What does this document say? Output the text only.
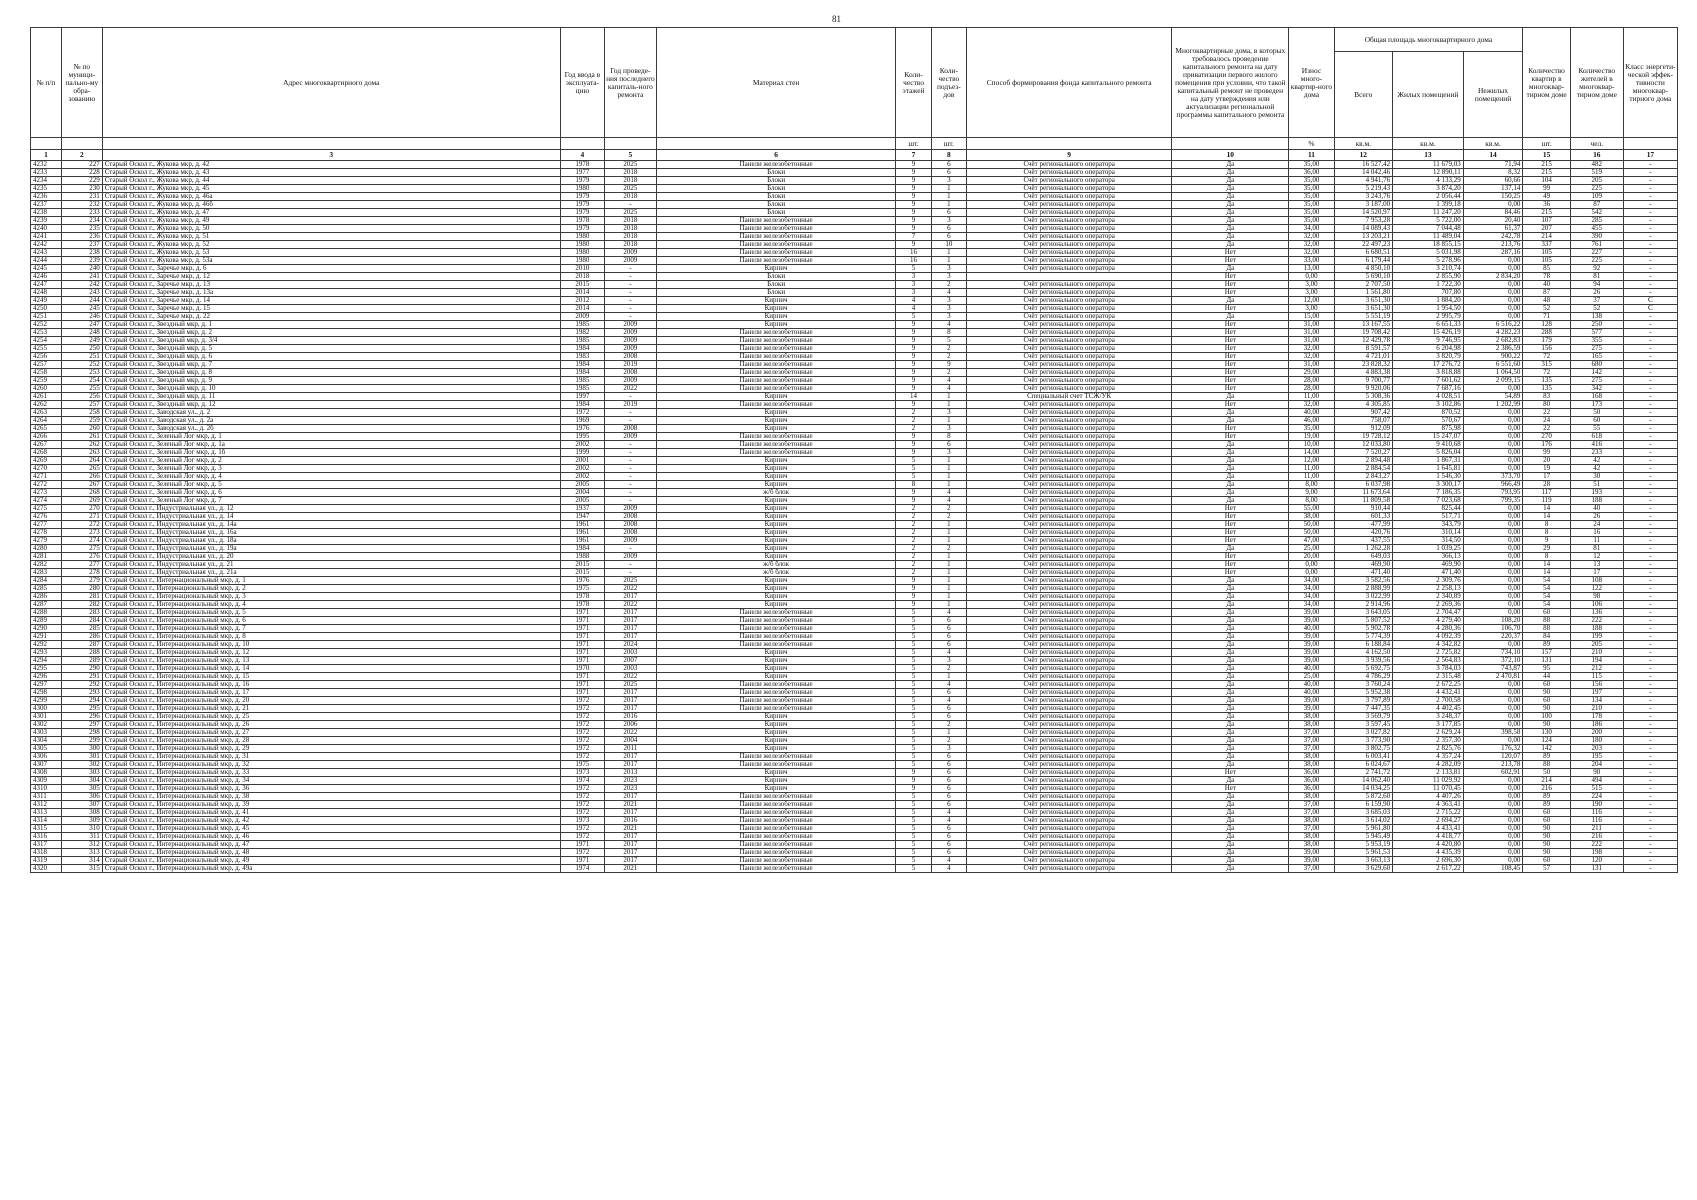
81
№ п/п	№ по муници-пально-му обра-зованию	Адрес многоквартирного дома	Год ввода в эксплуата-цию	Год проведе-ния последнего капиталь-ного ремонта	Материал стен	Коли-чество этажей	Коли-чество подъез-дов	Способ формирования фонда капитального ремонта	Многоквартирные дома, в которых требовалось проведение капитального ремонта на дату приватизации первого жилого помещения при условии, что такой капитальный ремонт не проведен на дату утверждения или актуализации региональной программы капитального ремонта	Износ много-квартир-ного дома	Общая площадь многоквартирного дома			Количество квартир в многоквар-тирном доме	Количество жителей в многоквар-тирном доме	Класс энергети-ческой эффек-тивности многоквар-тирного дома
											Всего	Жилых помещений	Нежилых помещений			
						шт.	шт.			%	кв.м.	кв.м.	кв.м.	шт.	чел.	
1	2	3	4	5	6	7	8	9	10	11	12	13	14	15	16	17
4232	227	Старый Оскол г., Жукова мкр, д. 42	1978	2025	Панели железобетонные	9	6	Счёт регионального оператора	Да	35,00	16 527,42	11 679,03	71,94	215	482	-
4233	228	Старый Оскол г., Жукова мкр, д. 43	1977	2018	Блоки	9	6	Счёт регионального оператора	Да	36,00	14 042,46	12 890,11	8,32	215	519	-
4234	229	Старый Оскол г., Жукова мкр, д. 44	1979	2018	Блоки	9	3	Счёт регионального оператора	Да	35,00	4 941,76	4 133,29	60,66	104	205	-
4235	230	Старый Оскол г., Жукова мкр, д. 45	1980	2025	Блоки	9	1	Счёт регионального оператора	Да	35,00	5 219,43	3 874,20	137,14	99	225	-
4236	231	Старый Оскол г., Жукова мкр, д. 46а	1979	2018	Блоки	9	1	Счёт регионального оператора	Да	35,00	3 243,76	2 056,44	150,25	49	109	-
4237	232	Старый Оскол г., Жукова мкр, д. 46б	1979	-	Блоки	9	1	Счёт регионального оператора	Да	35,00	3 187,00	1 399,18	0,00	36	87	-
4238	233	Старый Оскол г., Жукова мкр, д. 47	1979	2025	Блоки	9	6	Счёт регионального оператора	Да	35,00	14 520,97	11 247,20	84,46	215	542	-
4239	234	Старый Оскол г., Жукова мкр, д. 49	1978	2018	Панели железобетонные	9	3	Счёт регионального оператора	Да	35,00	7 953,28	5 722,00	20,40	107	285	-
4240	235	Старый Оскол г., Жукова мкр, д. 50	1979	2018	Панели железобетонные	9	6	Счёт регионального оператора	Да	34,00	14 089,43	7 044,48	61,37	207	455	-
4241	236	Старый Оскол г., Жукова мкр, д. 51	1980	2018	Панели железобетонные	7	6	Счёт регионального оператора	Да	32,00	13 203,21	11 489,04	242,78	214	390	-
4242	237	Старый Оскол г., Жукова мкр, д. 52	1980	2018	Панели железобетонные	9	10	Счёт регионального оператора	Да	32,00	22 497,23	18 855,15	213,76	337	761	-
4243	238	Старый Оскол г., Жукова мкр, д. 53	1980	2009	Панели железобетонные	16	1	Счёт регионального оператора	Нет	32,00	6 680,51	5 031,98	287,16	105	227	-
4244	239	Старый Оскол г., Жукова мкр, д. 53а	1980	2009	Панели железобетонные	16	1	Счёт регионального оператора	Нет	33,00	6 179,44	5 278,96	0,00	105	225	-
4245	240	Старый Оскол г., Заречье мкр, д. 6	2010	-	Кирпич	5	3	Счёт регионального оператора	Да	13,00	4 850,10	3 210,74	0,00	85	92	-
4246	241	Старый Оскол г., Заречье мкр, д. 12	2018	-	Блоки	3	3		Нет	0,00	5 690,10	2 855,90	2 834,20	78	81	-
4247	242	Старый Оскол г., Заречье мкр, д. 13	2015	-	Блоки	3	2	Счёт регионального оператора	Нет	3,00	2 707,50	1 722,30	0,00	40	94	-
4248	243	Старый Оскол г., Заречье мкр, д. 13а	2014	-	Блоки	3	4	Счёт регионального оператора	Нет	3,00	1 561,80	707,80	0,00	87	26	-
4249	244	Старый Оскол г., Заречье мкр, д. 14	2012	-	Кирпич	4	3	Счёт регионального оператора	Да	12,00	3 651,30	1 884,20	0,00	48	37	С
4250	245	Старый Оскол г., Заречье мкр, д. 15	2014	-	Кирпич	4	3	Счёт регионального оператора	Нет	3,00	3 651,30	1 954,50	0,00	52	52	С
4251	246	Старый Оскол г., Заречье мкр, д. 22	2009	-	Кирпич	5	3	Счёт регионального оператора	Да	15,00	5 551,19	2 995,79	0,00	71	138	-
4252	247	Старый Оскол г., Звездный мкр, д. 1	1985	2009	Кирпич	9	4	Счёт регионального оператора	Нет	31,00	13 167,55	6 651,33	6 516,22	128	250	-
4253	248	Старый Оскол г., Звездный мкр, д. 2	1982	2009	Панели железобетонные	9	8	Счёт регионального оператора	Нет	31,00	19 708,42	15 426,19	4 282,23	288	577	-
4254	249	Старый Оскол г., Звездный мкр, д. 3/4	1985	2009	Панели железобетонные	9	5	Счёт регионального оператора	Нет	31,00	12 429,78	9 746,95	2 682,83	179	355	-
4255	250	Старый Оскол г., Звездный мкр, д. 5	1984	2009	Панели железобетонные	9	2	Счёт регионального оператора	Нет	32,00	8 591,57	6 204,98	2 386,59	156	275	-
4256	251	Старый Оскол г., Звездный мкр, д. 6	1983	2008	Панели железобетонные	9	2	Счёт регионального оператора	Нет	32,00	4 721,01	3 820,79	900,22	72	165	-
4257	252	Старый Оскол г., Звездный мкр, д. 7	1984	2019	Панели железобетонные	9	9	Счёт регионального оператора	Нет	31,00	23 828,32	17 276,72	6 551,60	315	680	-
4258	253	Старый Оскол г., Звездный мкр, д. 8	1984	2008	Панели железобетонные	9	2	Счёт регионального оператора	Нет	29,00	4 883,38	3 818,88	1 064,50	72	142	-
4259	254	Старый Оскол г., Звездный мкр, д. 9	1985	2009	Панели железобетонные	9	4	Счёт регионального оператора	Нет	28,00	9 700,77	7 601,62	2 099,15	135	275	-
4260	255	Старый Оскол г., Звездный мкр, д. 10	1985	2022	Панели железобетонные	9	4	Счёт регионального оператора	Нет	28,00	9 920,06	7 687,16	0,00	135	342	-
4261	256	Старый Оскол г., Звездный мкр, д. 11	1997	-	Кирпич	14	1	Специальный счет ТСЖ/УК	Да	11,00	5 308,36	4 028,51	54,89	83	168	-
4262	257	Старый Оскол г., Звездный мкр, д. 12	1984	2019	Панели железобетонные	9	1	Счёт регионального оператора	Нет	32,00	4 305,85	3 102,86	1 202,99	80	173	-
4263	258	Старый Оскол г., Заводская ул., д. 2	1972	-	Кирпич	2	3	Счёт регионального оператора	Да	40,00	907,42	870,52	0,00	22	50	-
4264	259	Старый Оскол г., Заводская ул., д. 2а	1969	-	Кирпич	2	1	Счёт регионального оператора	Да	46,00	758,07	570,67	0,00	24	60	-
4265	260	Старый Оскол г., Заводская ул., д. 2б	1976	2008	Кирпич	2	3	Счёт регионального оператора	Нет	35,00	912,09	875,98	0,00	22	55	-
4266	261	Старый Оскол г., Зеленый Лог мкр, д. 1	1995	2009	Панели железобетонные	9	8	Счёт регионального оператора	Нет	19,00	19 728,12	15 247,07	0,00	270	618	-
4267	262	Старый Оскол г., Зеленый Лог мкр, д. 1а	2002	-	Панели железобетонные	9	6	Счёт регионального оператора	Да	10,00	12 033,80	9 410,68	0,00	176	416	-
4268	263	Старый Оскол г., Зеленый Лог мкр, д. 1б	1999	-	Панели железобетонные	9	3	Счёт регионального оператора	Да	14,00	7 520,27	5 826,04	0,00	99	233	-
4269	264	Старый Оскол г., Зеленый Лог мкр, д. 2	2001	-	Кирпич	5	1	Счёт регионального оператора	Да	12,00	2 894,48	1 867,31	0,00	20	42	-
4270	265	Старый Оскол г., Зеленый Лог мкр, д. 3	2002	-	Кирпич	5	1	Счёт регионального оператора	Да	11,00	2 884,54	1 645,81	0,00	19	42	-
4271	266	Старый Оскол г., Зеленый Лог мкр, д. 4	2002	-	Кирпич	5	1	Счёт регионального оператора	Да	11,00	2 843,27	1 546,30	373,70	17	30	-
4272	267	Старый Оскол г., Зеленый Лог мкр, д. 5	2005	-	Кирпич	8	1	Счёт регионального оператора	Да	8,00	6 037,98	3 300,17	966,49	28	51	-
4273	268	Старый Оскол г., Зеленый Лог мкр, д. 6	2004	-	ж/б блок	9	4	Счёт регионального оператора	Да	9,00	11 673,64	7 186,35	793,95	117	193	-
4274	269	Старый Оскол г., Зеленый Лог мкр, д. 7	2005	-	Кирпич	9	4	Счёт регионального оператора	Да	8,00	11 809,58	7 023,68	799,35	119	188	-
4275	270	Старый Оскол г., Индустриальная ул., д. 12	1937	2009	Кирпич	2	2	Счёт регионального оператора	Нет	55,00	910,44	825,44	0,00	14	40	-
4276	271	Старый Оскол г., Индустриальная ул., д. 14	1947	2008	Кирпич	2	2	Счёт регионального оператора	Нет	38,00	601,33	517,71	0,00	14	26	-
4277	272	Старый Оскол г., Индустриальная ул., д. 14а	1961	2008	Кирпич	2	1	Счёт регионального оператора	Нет	50,00	477,99	343,79	0,00	8	24	-
4278	273	Старый Оскол г., Индустриальная ул., д. 16а	1961	2008	Кирпич	2	1	Счёт регионального оператора	Нет	50,00	420,76	310,14	0,00	8	16	-
4279	274	Старый Оскол г., Индустриальная ул., д. 18а	1961	2009	Кирпич	2	1	Счёт регионального оператора	Нет	47,00	437,55	314,50	0,00	9	11	-
4280	275	Старый Оскол г., Индустриальная ул., д. 19а	1984	-	Кирпич	2	2	Счёт регионального оператора	Да	25,00	1 262,28	1 039,25	0,00	29	81	-
4281	276	Старый Оскол г., Индустриальная ул., д. 20	1988	2009	Кирпич	2	1	Счёт регионального оператора	Нет	20,00	649,03	366,13	0,00	8	12	-
4282	277	Старый Оскол г., Индустриальная ул., д. 21	2015	-	ж/б блок	2	1	Счёт регионального оператора	Нет	0,00	469,90	469,90	0,00	14	13	-
4283	278	Старый Оскол г., Индустриальная ул., д. 21а	2015	-	ж/б блок	2	1	Счёт регионального оператора	Нет	0,00	471,40	471,40	0,00	14	17	-
4284	279	Старый Оскол г., Интернациональный мкр, д. 1	1976	2025	Кирпич	9	1	Счёт регионального оператора	Да	34,00	3 582,56	2 309,76	0,00	54	108	-
4285	280	Старый Оскол г., Интернациональный мкр, д. 2	1975	2022	Кирпич	9	1	Счёт регионального оператора	Да	34,00	2 888,99	2 258,13	0,00	54	122	-
4286	281	Старый Оскол г., Интернациональный мкр, д. 3	1978	2017	Кирпич	9	1	Счёт регионального оператора	Да	34,00	3 022,99	2 340,89	0,00	54	98	-
4287	282	Старый Оскол г., Интернациональный мкр, д. 4	1978	2022	Кирпич	9	1	Счёт регионального оператора	Да	34,00	2 914,96	2 269,36	0,00	54	106	-
4288	283	Старый Оскол г., Интернациональный мкр, д. 5	1971	2017	Панели железобетонные	5	4	Счёт регионального оператора	Да	39,00	3 643,05	2 704,47	0,00	60	136	-
4289	284	Старый Оскол г., Интернациональный мкр, д. 6	1971	2017	Панели железобетонные	5	6	Счёт регионального оператора	Да	39,00	5 807,52	4 279,40	108,20	88	222	-
4290	285	Старый Оскол г., Интернациональный мкр, д. 7	1971	2017	Панели железобетонные	5	6	Счёт регионального оператора	Да	40,00	5 902,78	4 280,36	106,70	88	188	-
4291	286	Старый Оскол г., Интернациональный мкр, д. 8	1971	2017	Панели железобетонные	5	6	Счёт регионального оператора	Да	39,00	5 774,39	4 092,39	220,37	84	199	-
4292	287	Старый Оскол г., Интернациональный мкр, д. 10	1971	2024	Панели железобетонные	5	6	Счёт регионального оператора	Да	39,00	6 188,84	4 342,82	0,00	89	205	-
4293	288	Старый Оскол г., Интернациональный мкр, д. 12	1971	2003	Кирпич	5	4	Счёт регионального оператора	Да	39,00	4 162,50	2 725,82	734,10	157	210	-
4294	289	Старый Оскол г., Интернациональный мкр, д. 13	1971	2007	Кирпич	5	3	Счёт регионального оператора	Да	39,00	3 939,56	2 564,83	372,10	131	194	-
4295	290	Старый Оскол г., Интернациональный мкр, д. 14	1970	2003	Кирпич	5	2	Счёт регионального оператора	Да	40,00	5 692,75	3 784,03	743,87	95	212	-
4296	291	Старый Оскол г., Интернациональный мкр, д. 15	1971	2022	Кирпич	5	1	Счёт регионального оператора	Да	25,00	4 786,29	2 315,48	2 470,81	44	115	-
4297	292	Старый Оскол г., Интернациональный мкр, д. 16	1971	2025	Панели железобетонные	5	4	Счёт регионального оператора	Да	40,00	3 760,24	2 672,25	0,00	60	156	-
4298	293	Старый Оскол г., Интернациональный мкр, д. 17	1971	2017	Панели железобетонные	5	6	Счёт регионального оператора	Да	40,00	5 952,38	4 432,41	0,00	90	197	-
4299	294	Старый Оскол г., Интернациональный мкр, д. 20	1972	2017	Панели железобетонные	5	4	Счёт регионального оператора	Да	39,00	3 797,89	2 700,58	0,00	60	134	-
4300	295	Старый Оскол г., Интернациональный мкр, д. 21	1972	2017	Панели железобетонные	5	6	Счёт регионального оператора	Да	39,00	7 447,35	4 402,45	0,00	90	210	-
4301	296	Старый Оскол г., Интернациональный мкр, д. 25	1972	2016	Кирпич	5	6	Счёт регионального оператора	Да	38,00	3 569,79	3 248,37	0,00	100	178	-
4302	297	Старый Оскол г., Интернациональный мкр, д. 26	1972	2006	Кирпич	5	2	Счёт регионального оператора	Да	38,00	3 597,45	3 177,85	0,00	90	186	-
4303	298	Старый Оскол г., Интернациональный мкр, д. 27	1972	2022	Кирпич	5	1	Счёт регионального оператора	Да	37,00	3 027,82	2 629,24	398,58	130	200	-
4304	299	Старый Оскол г., Интернациональный мкр, д. 28	1972	2004	Кирпич	5	2	Счёт регионального оператора	Да	37,00	3 773,90	2 357,30	0,00	124	180	-
4305	300	Старый Оскол г., Интернациональный мкр, д. 29	1972	2011	Кирпич	5	3	Счёт регионального оператора	Да	37,00	3 802,75	2 825,76	176,32	142	203	-
4306	301	Старый Оскол г., Интернациональный мкр, д. 31	1972	2017	Панели железобетонные	5	6	Счёт регионального оператора	Да	38,00	6 003,41	4 357,24	120,07	89	195	-
4307	302	Старый Оскол г., Интернациональный мкр, д. 32	1975	2017	Панели железобетонные	5	6	Счёт регионального оператора	Да	38,00	6 024,67	4 282,09	213,78	88	204	-
4308	303	Старый Оскол г., Интернациональный мкр, д. 33	1973	2013	Кирпич	9	6	Счёт регионального оператора	Нет	36,00	2 741,72	2 133,81	602,91	50	90	-
4309	304	Старый Оскол г., Интернациональный мкр, д. 34	1974	2023	Кирпич	9	6	Счёт регионального оператора	Да	36,00	14 062,40	11 029,92	0,00	214	494	-
4310	305	Старый Оскол г., Интернациональный мкр, д. 36	1972	2023	Кирпич	9	6	Счёт регионального оператора	Нет	36,00	14 034,25	11 070,45	0,00	216	515	-
4311	306	Старый Оскол г., Интернациональный мкр, д. 38	1972	2017	Панели железобетонные	5	6	Счёт регионального оператора	Да	38,00	5 872,60	4 407,26	0,00	89	224	-
4312	307	Старый Оскол г., Интернациональный мкр, д. 39	1972	2021	Панели железобетонные	5	6	Счёт регионального оператора	Да	37,00	6 159,90	4 363,41	0,00	89	190	-
4313	308	Старый Оскол г., Интернациональный мкр, д. 41	1972	2017	Панели железобетонные	5	4	Счёт регионального оператора	Да	37,00	3 685,03	2 715,22	0,00	60	116	-
4314	309	Старый Оскол г., Интернациональный мкр, д. 42	1973	2016	Панели железобетонные	5	4	Счёт регионального оператора	Да	38,00	3 614,02	2 694,27	0,00	60	116	-
4315	310	Старый Оскол г., Интернациональный мкр, д. 45	1972	2021	Панели железобетонные	5	6	Счёт регионального оператора	Да	37,00	5 961,80	4 433,41	0,00	90	211	-
4316	311	Старый Оскол г., Интернациональный мкр, д. 46	1972	2017	Панели железобетонные	5	6	Счёт регионального оператора	Да	38,00	5 945,49	4 418,77	0,00	90	216	-
4317	312	Старый Оскол г., Интернациональный мкр, д. 47	1971	2017	Панели железобетонные	5	6	Счёт регионального оператора	Да	38,00	5 953,19	4 420,80	0,00	90	222	-
4318	313	Старый Оскол г., Интернациональный мкр, д. 48	1972	2017	Панели железобетонные	5	6	Счёт регионального оператора	Да	39,00	5 961,53	4 435,39	0,00	90	198	-
4319	314	Старый Оскол г., Интернациональный мкр, д. 49	1971	2017	Панели железобетонные	5	4	Счёт регионального оператора	Да	39,00	3 663,13	2 696,30	0,00	60	120	-
4320	315	Старый Оскол г., Интернациональный мкр, д. 49а	1974	2021	Панели железобетонные	5	4	Счёт регионального оператора	Да	37,00	3 629,60	2 617,22	108,45	57	131	-
